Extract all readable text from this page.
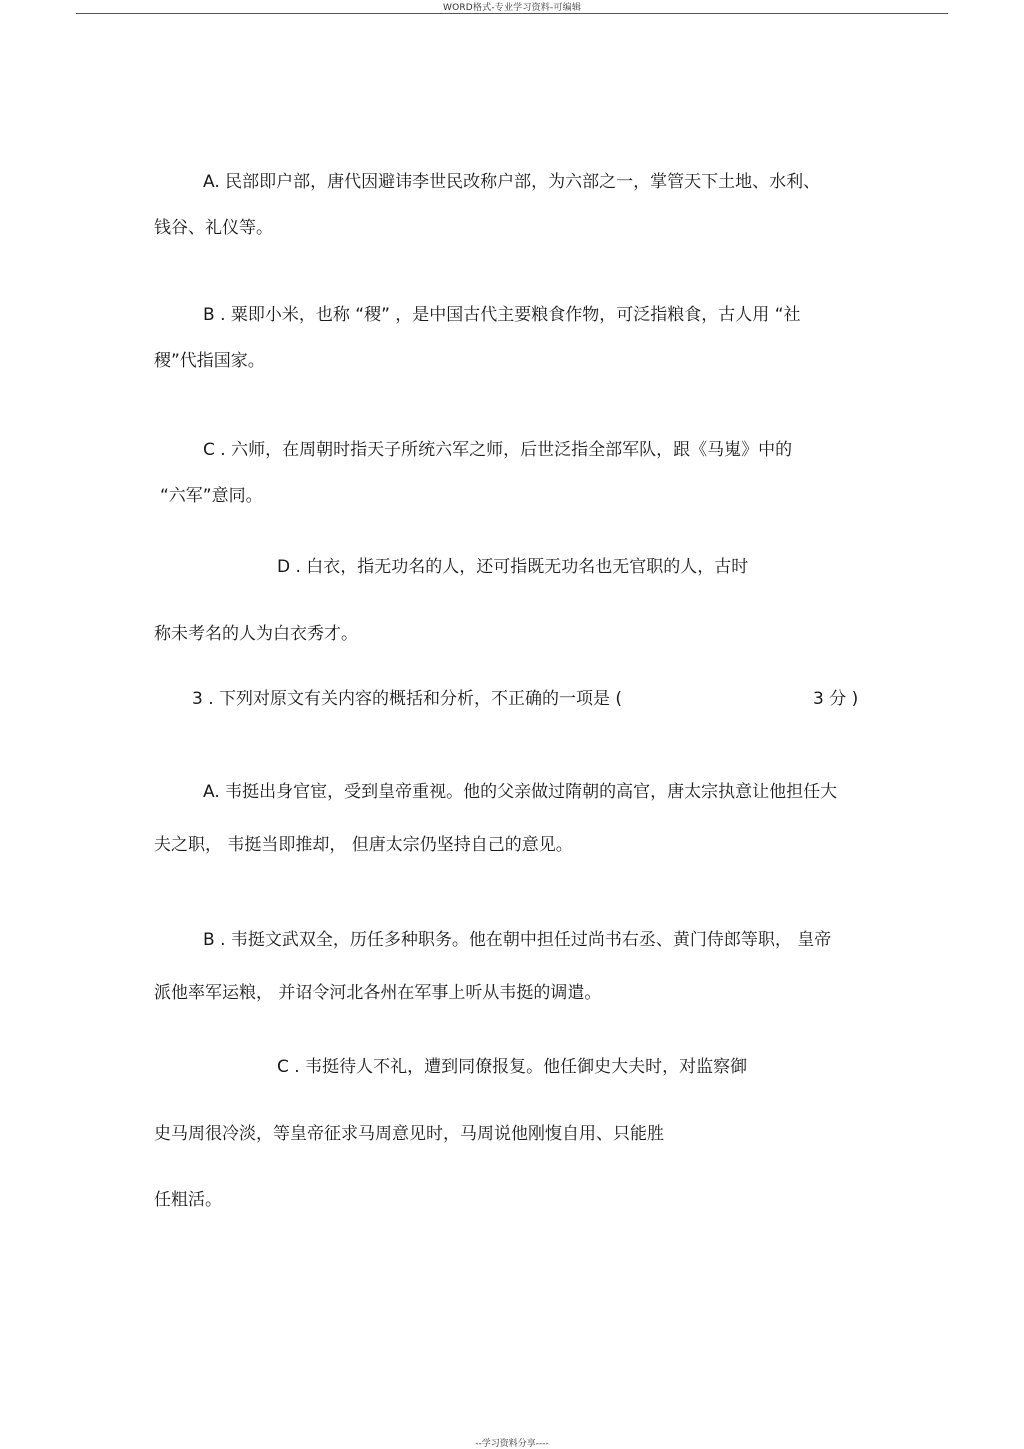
WORD格式-专业学习资料-可编辑
A. 民部即户部，唐代因避讳李世民改称户部，为六部之一，掌管天下土地、水利、
钱谷、礼仪等。
B . 粟即小米，也称 “稷” ，是中国古代主要粮食作物，可泛指粮食，古人用 “社
稷”代指国家。
C . 六师，在周朝时指天子所统六军之师，后世泛指全部军队，跟《马嵬》中的
“六军”意同。
D . 白衣，指无功名的人，还可指既无功名也无官职的人，古时
称未考名的人为白衣秀才。
3 . 下列对原文有关内容的概括和分析，不正确的一项是 (	3 分 )
A. 韦挺出身官宦，受到皇帝重视。他的父亲做过隋朝的高官，唐太宗执意让他担任大
夫之职， 韦挺当即推却， 但唐太宗仍坚持自己的意见。
B . 韦挺文武双全，历任多种职务。他在朝中担任过尚书右丞、黄门侍郎等职， 皇帝
派他率军运粮， 并诏令河北各州在军事上听从韦挺的调遣。
C . 韦挺待人不礼，遭到同僚报复。他任御史大夫时，对监察御
史马周很冷淡，等皇帝征求马周意见时，马周说他刚愎自用、只能胜
任粗活。
--学习资料分享----
